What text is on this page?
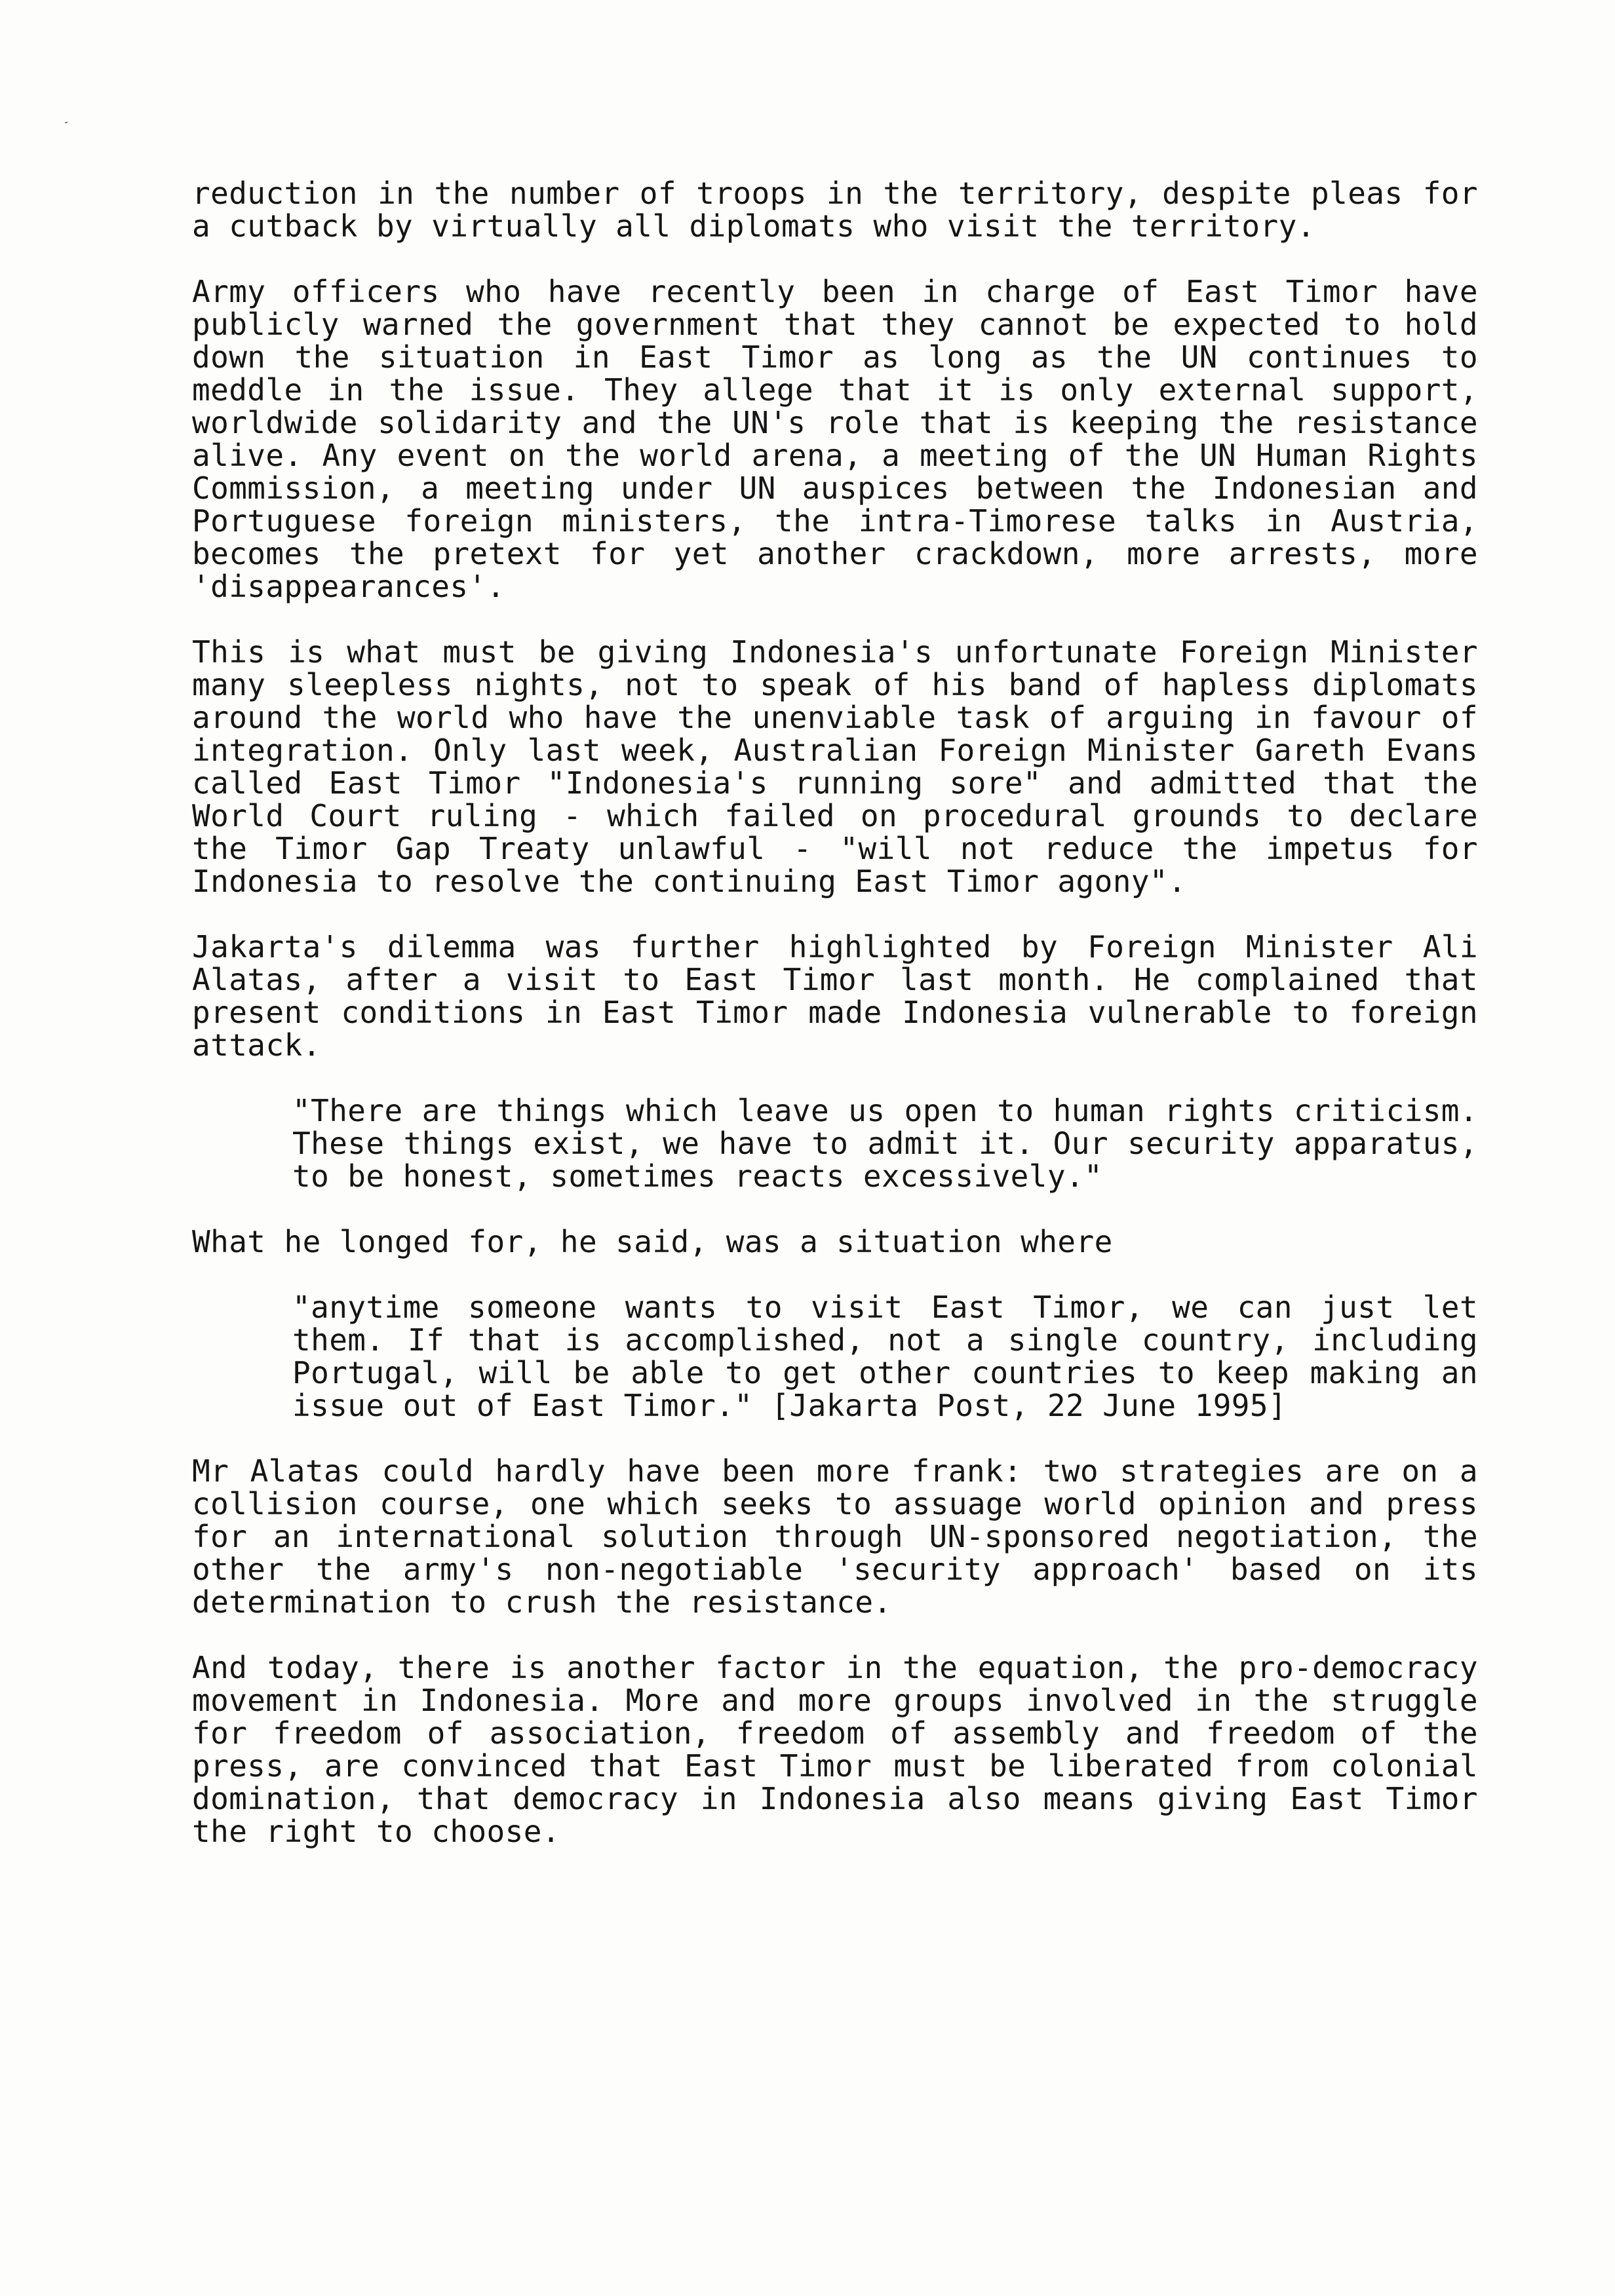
reduction in the number of troops in the territory, despite pleas for a cutback by virtually all diplomats who visit the territory.

Army officers who have recently been in charge of East Timor have publicly warned the government that they cannot be expected to hold down the situation in East Timor as long as the UN continues to meddle in the issue. They allege that it is only external support, worldwide solidarity and the UN's role that is keeping the resistance alive. Any event on the world arena, a meeting of the UN Human Rights Commission, a meeting under UN auspices between the Indonesian and Portuguese foreign ministers, the intra-Timorese talks in Austria, becomes the pretext for yet another crackdown, more arrests, more 'disappearances'.

This is what must be giving Indonesia's unfortunate Foreign Minister many sleepless nights, not to speak of his band of hapless diplomats around the world who have the unenviable task of arguing in favour of integration. Only last week, Australian Foreign Minister Gareth Evans called East Timor "Indonesia's running sore" and admitted that the World Court ruling - which failed on procedural grounds to declare the Timor Gap Treaty unlawful - "will not reduce the impetus for Indonesia to resolve the continuing East Timor agony".

Jakarta's dilemma was further highlighted by Foreign Minister Ali Alatas, after a visit to East Timor last month. He complained that present conditions in East Timor made Indonesia vulnerable to foreign attack.

"There are things which leave us open to human rights criticism. These things exist, we have to admit it. Our security apparatus, to be honest, sometimes reacts excessively."

What he longed for, he said, was a situation where

"anytime someone wants to visit East Timor, we can just let them. If that is accomplished, not a single country, including Portugal, will be able to get other countries to keep making an issue out of East Timor." [Jakarta Post, 22 June 1995]

Mr Alatas could hardly have been more frank: two strategies are on a collision course, one which seeks to assuage world opinion and press for an international solution through UN-sponsored negotiation, the other the army's non-negotiable 'security approach' based on its determination to crush the resistance.

And today, there is another factor in the equation, the pro-democracy movement in Indonesia. More and more groups involved in the struggle for freedom of association, freedom of assembly and freedom of the press, are convinced that East Timor must be liberated from colonial domination, that democracy in Indonesia also means giving East Timor the right to choose.
